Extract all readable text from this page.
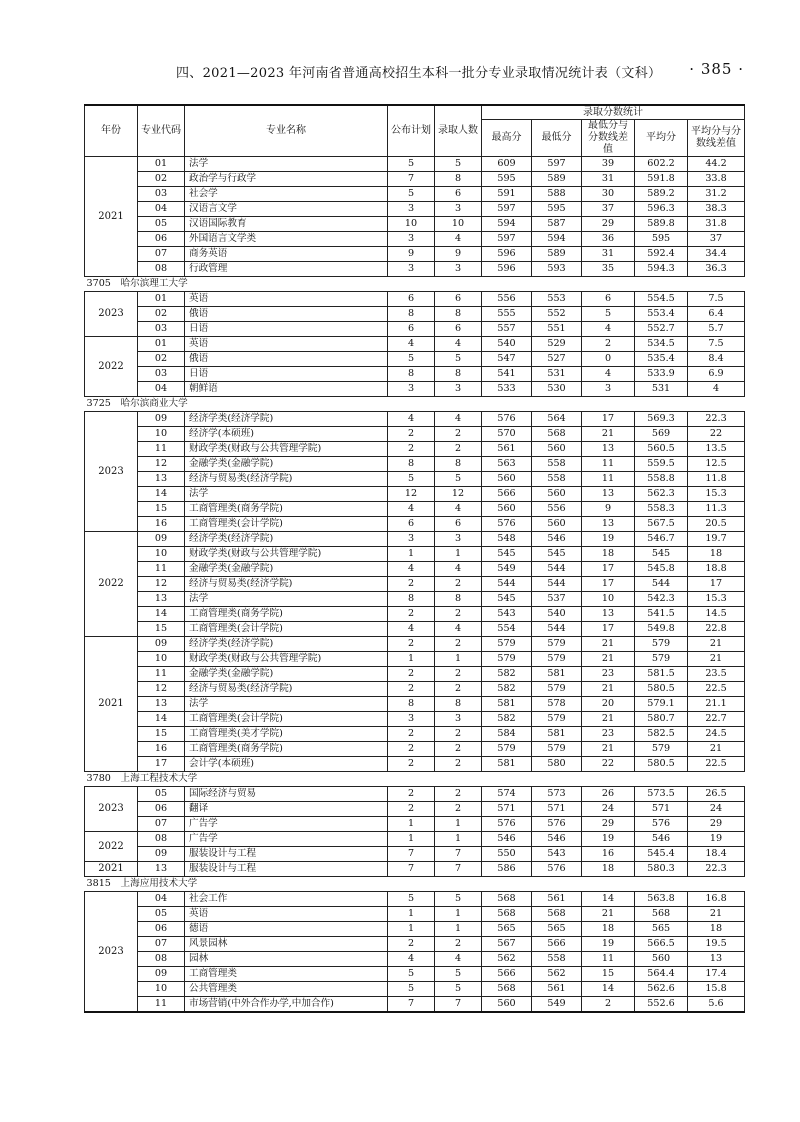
四、2021—2023 年河南省普通高校招生本科一批分专业录取情况统计表（文科） · 385 ·
年份	专业代码	专业名称	公布计划	录取人数	录取分数统计				
					最高分	最低分	最低分与分数线差值	平均分	平均分与分数线差值
2021	01	法学	5	5	609	597	39	602.2	44.2
	02	政治学与行政学	7	8	595	589	31	591.8	33.8
	03	社会学	5	6	591	588	30	589.2	31.2
	04	汉语言文学	3	3	597	595	37	596.3	38.3
	05	汉语国际教育	10	10	594	587	29	589.8	31.8
	06	外国语言文学类	3	4	597	594	36	595	37
	07	商务英语	9	9	596	589	31	592.4	34.4
	08	行政管理	3	3	596	593	35	594.3	36.3
3705　哈尔滨理工大学									
2023	01	英语	6	6	556	553	6	554.5	7.5
	02	俄语	8	8	555	552	5	553.4	6.4
	03	日语	6	6	557	551	4	552.7	5.7
2022	01	英语	4	4	540	529	2	534.5	7.5
	02	俄语	5	5	547	527	0	535.4	8.4
	03	日语	8	8	541	531	4	533.9	6.9
	04	朝鲜语	3	3	533	530	3	531	4
3725　哈尔滨商业大学									
2023	09	经济学类(经济学院)	4	4	576	564	17	569.3	22.3
	10	经济学(本硕班)	2	2	570	568	21	569	22
	11	财政学类(财政与公共管理学院)	2	2	561	560	13	560.5	13.5
	12	金融学类(金融学院)	8	8	563	558	11	559.5	12.5
	13	经济与贸易类(经济学院)	5	5	560	558	11	558.8	11.8
	14	法学	12	12	566	560	13	562.3	15.3
	15	工商管理类(商务学院)	4	4	560	556	9	558.3	11.3
	16	工商管理类(会计学院)	6	6	576	560	13	567.5	20.5
2022	09	经济学类(经济学院)	3	3	548	546	19	546.7	19.7
	10	财政学类(财政与公共管理学院)	1	1	545	545	18	545	18
	11	金融学类(金融学院)	4	4	549	544	17	545.8	18.8
	12	经济与贸易类(经济学院)	2	2	544	544	17	544	17
	13	法学	8	8	545	537	10	542.3	15.3
	14	工商管理类(商务学院)	2	2	543	540	13	541.5	14.5
	15	工商管理类(会计学院)	4	4	554	544	17	549.8	22.8
2021	09	经济学类(经济学院)	2	2	579	579	21	579	21
	10	财政学类(财政与公共管理学院)	1	1	579	579	21	579	21
	11	金融学类(金融学院)	2	2	582	581	23	581.5	23.5
	12	经济与贸易类(经济学院)	2	2	582	579	21	580.5	22.5
	13	法学	8	8	581	578	20	579.1	21.1
	14	工商管理类(会计学院)	3	3	582	579	21	580.7	22.7
	15	工商管理类(美才学院)	2	2	584	581	23	582.5	24.5
	16	工商管理类(商务学院)	2	2	579	579	21	579	21
	17	会计学(本硕班)	2	2	581	580	22	580.5	22.5
3780　上海工程技术大学									
2023	05	国际经济与贸易	2	2	574	573	26	573.5	26.5
	06	翻译	2	2	571	571	24	571	24
	07	广告学	1	1	576	576	29	576	29
2022	08	广告学	1	1	546	546	19	546	19
	09	服装设计与工程	7	7	550	543	16	545.4	18.4
2021	13	服装设计与工程	7	7	586	576	18	580.3	22.3
3815　上海应用技术大学									
2023	04	社会工作	5	5	568	561	14	563.8	16.8
	05	英语	1	1	568	568	21	568	21
	06	德语	1	1	565	565	18	565	18
	07	风景园林	2	2	567	566	19	566.5	19.5
	08	园林	4	4	562	558	11	560	13
	09	工商管理类	5	5	566	562	15	564.4	17.4
	10	公共管理类	5	5	568	561	14	562.6	15.8
	11	市场营销(中外合作办学,中加合作)	7	7	560	549	2	552.6	5.6
